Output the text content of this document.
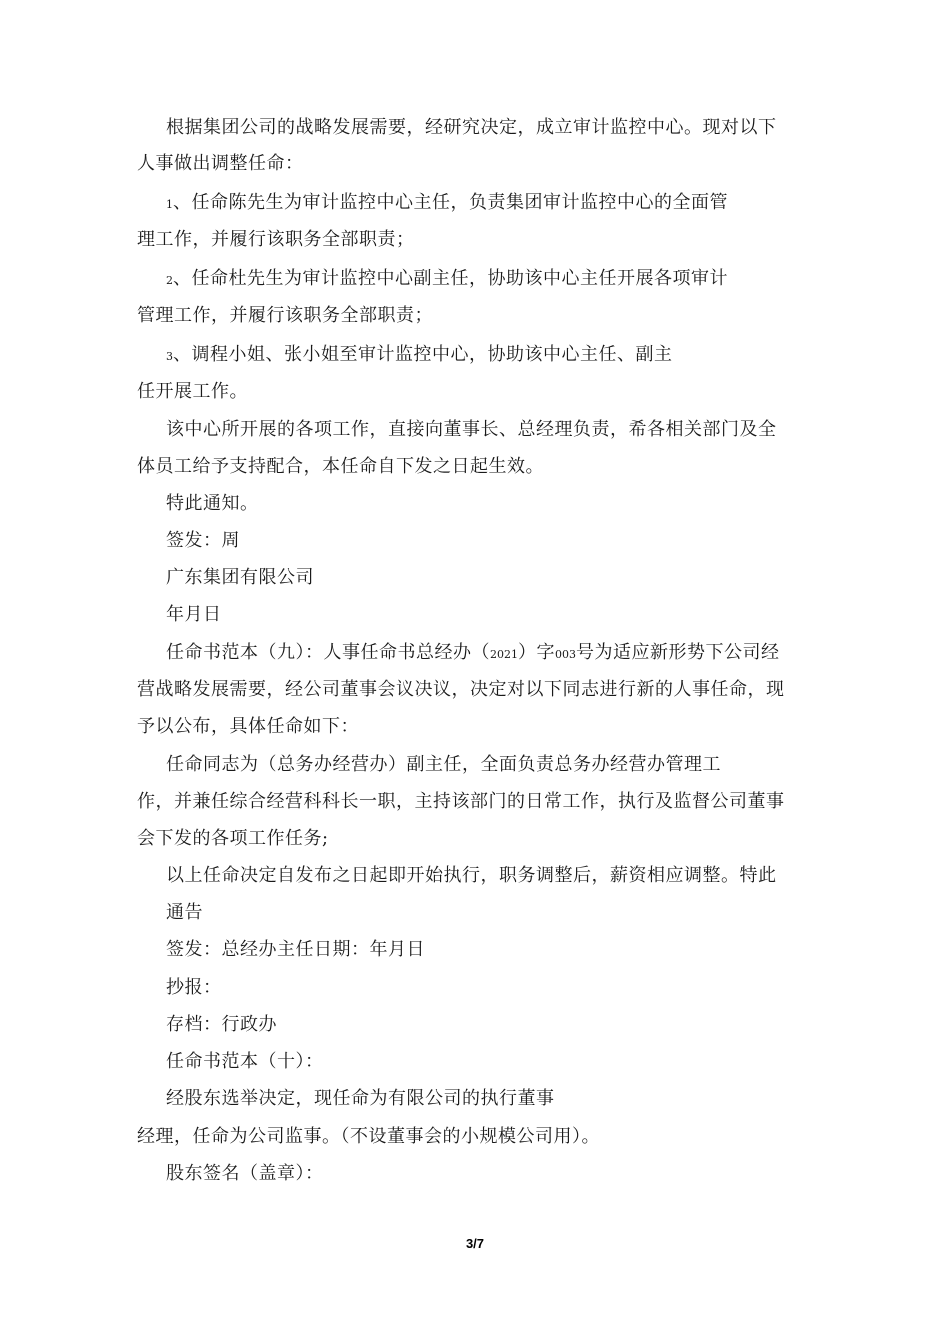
根据集团公司的战略发展需要，经研究决定，成立审计监控中心。现对以下
人事做出调整任命：
1、任命陈先生为审计监控中心主任，负责集团审计监控中心的全面管
理工作，并履行该职务全部职责；
2、任命杜先生为审计监控中心副主任，协助该中心主任开展各项审计
管理工作，并履行该职务全部职责；
3、调程小姐、张小姐至审计监控中心，协助该中心主任、副主
任开展工作。
该中心所开展的各项工作，直接向董事长、总经理负责，希各相关部门及全
体员工给予支持配合，本任命自下发之日起生效。
特此通知。
签发：周
广东集团有限公司
年月日
任命书范本（九）：人事任命书总经办（2021）字003号为适应新形势下公司经
营战略发展需要，经公司董事会议决议，决定对以下同志进行新的人事任命，现
予以公布，具体任命如下：
任命同志为（总务办经营办）副主任，全面负责总务办经营办管理工
作，并兼任综合经营科科长一职，主持该部门的日常工作，执行及监督公司董事
会下发的各项工作任务;
以上任命决定自发布之日起即开始执行，职务调整后，薪资相应调整。特此
通告
签发：总经办主任日期：年月日
抄报：
存档：行政办
任命书范本（十）：
经股东选举决定，现任命为有限公司的执行董事
经理，任命为公司监事。（不设董事会的小规模公司用）。
股东签名（盖章）：
3/7
